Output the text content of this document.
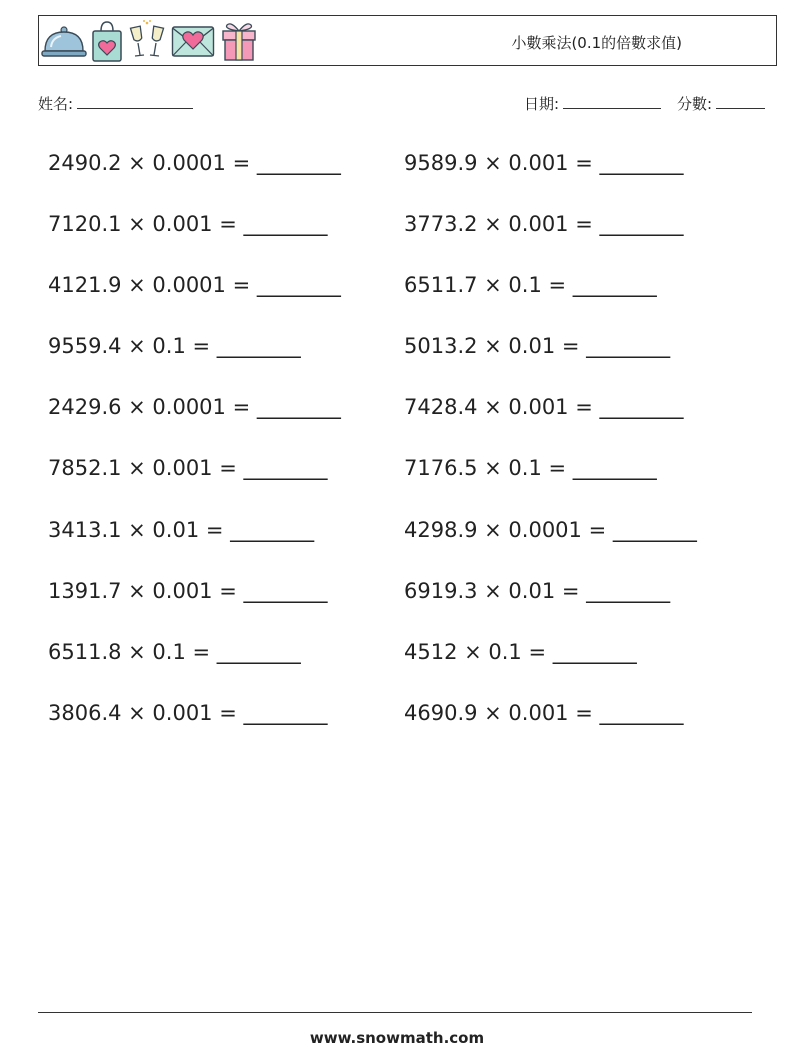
小數乘法(0.1的倍數求值)
姓名:	日期:	分數:
2490.2 × 0.0001 = ________	9589.9 × 0.001 = ________
7120.1 × 0.001 = ________	3773.2 × 0.001 = ________
4121.9 × 0.0001 = ________	6511.7 × 0.1 = ________
9559.4 × 0.1 = ________	5013.2 × 0.01 = ________
2429.6 × 0.0001 = ________	7428.4 × 0.001 = ________
7852.1 × 0.001 = ________	7176.5 × 0.1 = ________
3413.1 × 0.01 = ________	4298.9 × 0.0001 = ________
1391.7 × 0.001 = ________	6919.3 × 0.01 = ________
6511.8 × 0.1 = ________	4512 × 0.1 = ________
3806.4 × 0.001 = ________	4690.9 × 0.001 = ________
www.snowmath.com
